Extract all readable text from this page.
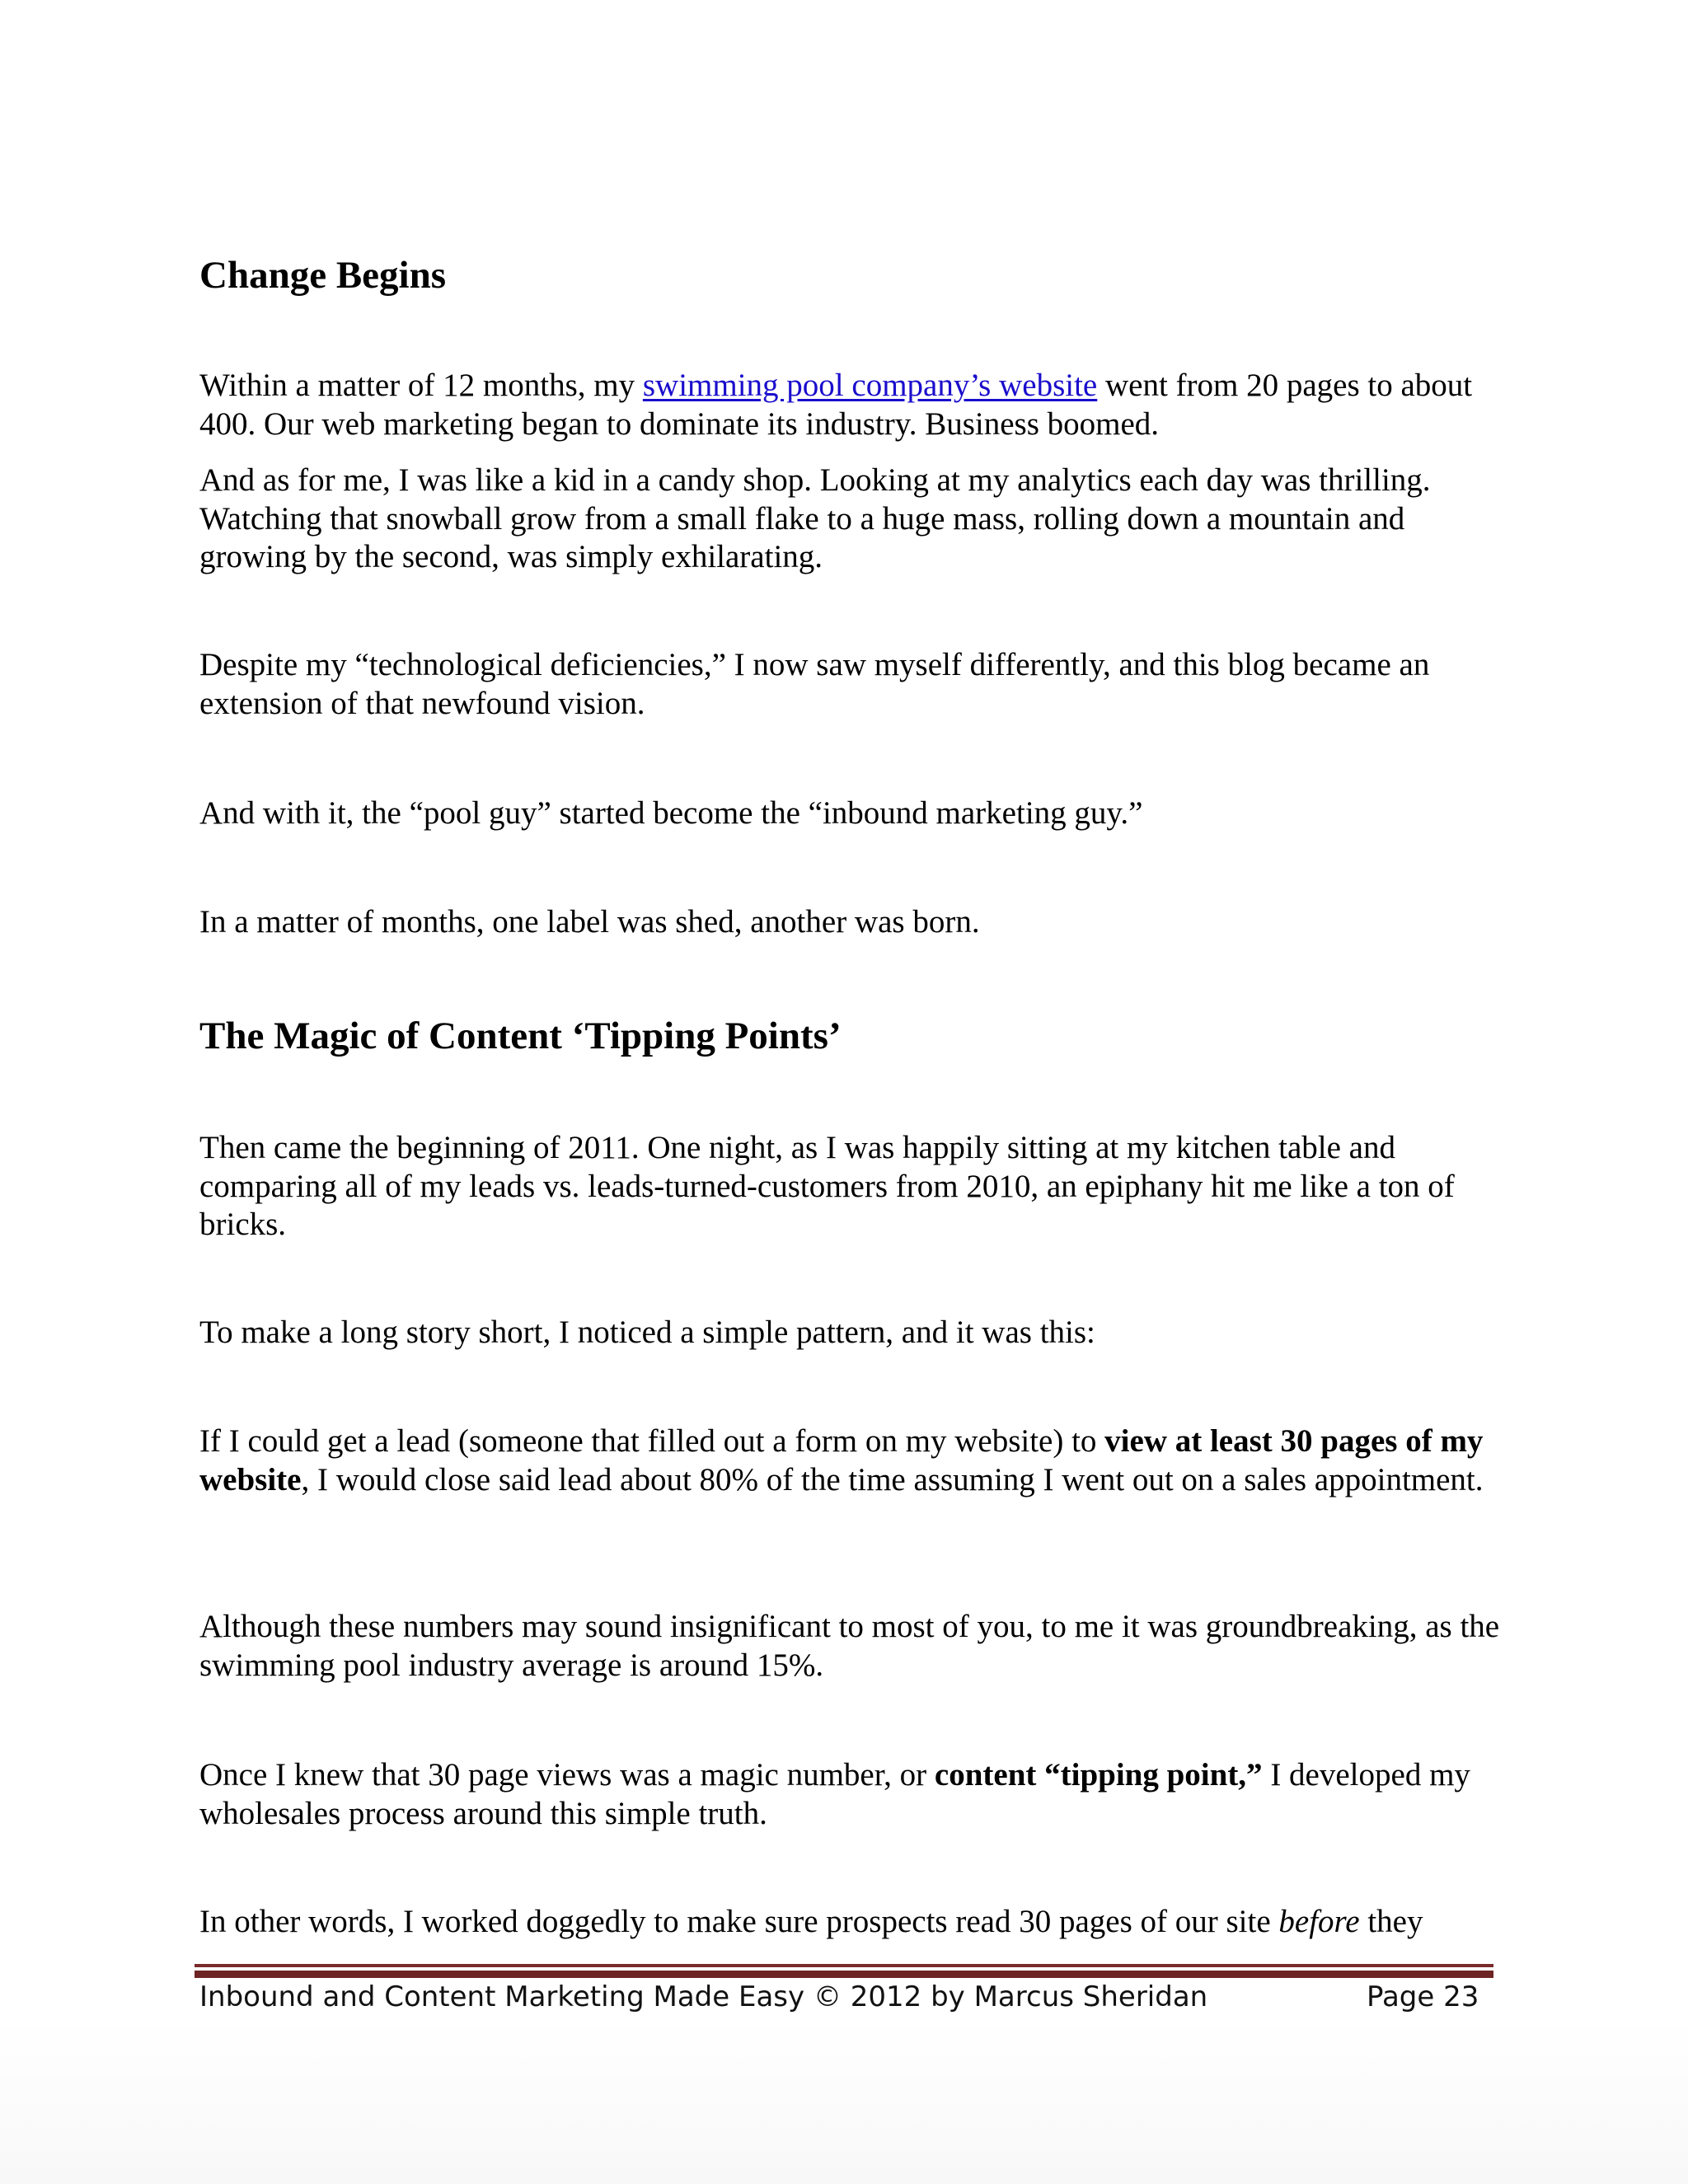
Change Begins

Within a matter of 12 months, my swimming pool company’s website went from 20 pages to about 400. Our web marketing began to dominate its industry. Business boomed.

And as for me, I was like a kid in a candy shop. Looking at my analytics each day was thrilling. Watching that snowball grow from a small flake to a huge mass, rolling down a mountain and growing by the second, was simply exhilarating.

Despite my “technological deficiencies,” I now saw myself differently, and this blog became an extension of that newfound vision.

And with it, the “pool guy” started become the “inbound marketing guy.”

In a matter of months, one label was shed, another was born.

The Magic of Content ‘Tipping Points’

Then came the beginning of 2011. One night, as I was happily sitting at my kitchen table and comparing all of my leads vs. leads-turned-customers from 2010, an epiphany hit me like a ton of bricks.

To make a long story short, I noticed a simple pattern, and it was this:

If I could get a lead (someone that filled out a form on my website) to view at least 30 pages of my website, I would close said lead about 80% of the time assuming I went out on a sales appointment.

Although these numbers may sound insignificant to most of you, to me it was groundbreaking, as the swimming pool industry average is around 15%.

Once I knew that 30 page views was a magic number, or content “tipping point,” I developed my wholesales process around this simple truth.

In other words, I worked doggedly to make sure prospects read 30 pages of our site before they

Inbound and Content Marketing Made Easy © 2012 by Marcus Sheridan	Page 23
